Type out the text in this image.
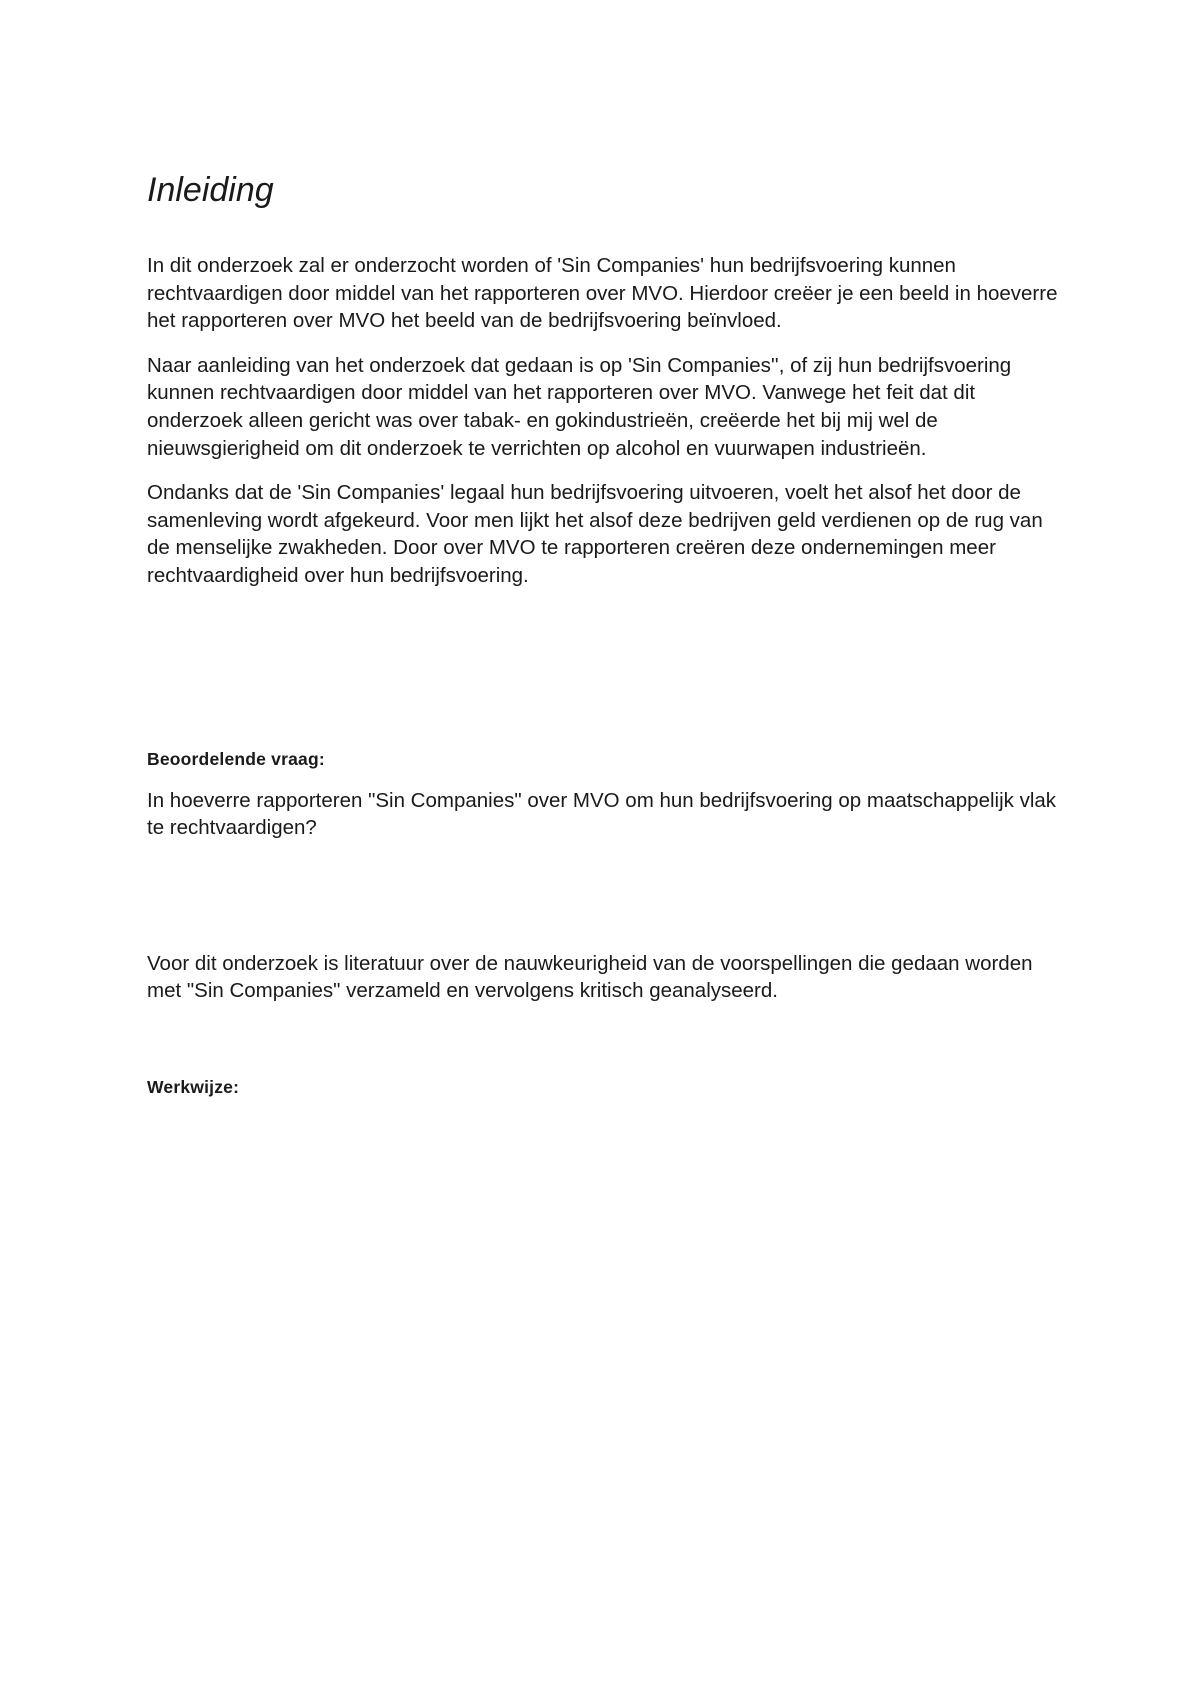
Inleiding

In dit onderzoek zal er onderzocht worden of 'Sin Companies' hun bedrijfsvoering kunnen rechtvaardigen door middel van het rapporteren over MVO. Hierdoor creëer je een beeld in hoeverre het rapporteren over MVO het beeld van de bedrijfsvoering beïnvloed.

Naar aanleiding van het onderzoek dat gedaan is op 'Sin Companies'', of zij hun bedrijfsvoering kunnen rechtvaardigen door middel van het rapporteren over MVO. Vanwege het feit dat dit onderzoek alleen gericht was over tabak- en gokindustrieën, creëerde het bij mij wel de nieuwsgierigheid om dit onderzoek te verrichten op alcohol en vuurwapen industrieën.

Ondanks dat de 'Sin Companies' legaal hun bedrijfsvoering uitvoeren, voelt het alsof het door de samenleving wordt afgekeurd. Voor men lijkt het alsof deze bedrijven geld verdienen op de rug van de menselijke zwakheden. Door over MVO te rapporteren creëren deze ondernemingen meer rechtvaardigheid over hun bedrijfsvoering.

Beoordelende vraag:

In hoeverre rapporteren "Sin Companies" over MVO om hun bedrijfsvoering op maatschappelijk vlak te rechtvaardigen?

Voor dit onderzoek is literatuur over de nauwkeurigheid van de voorspellingen die gedaan worden met "Sin Companies" verzameld en vervolgens kritisch geanalyseerd.

Werkwijze:
